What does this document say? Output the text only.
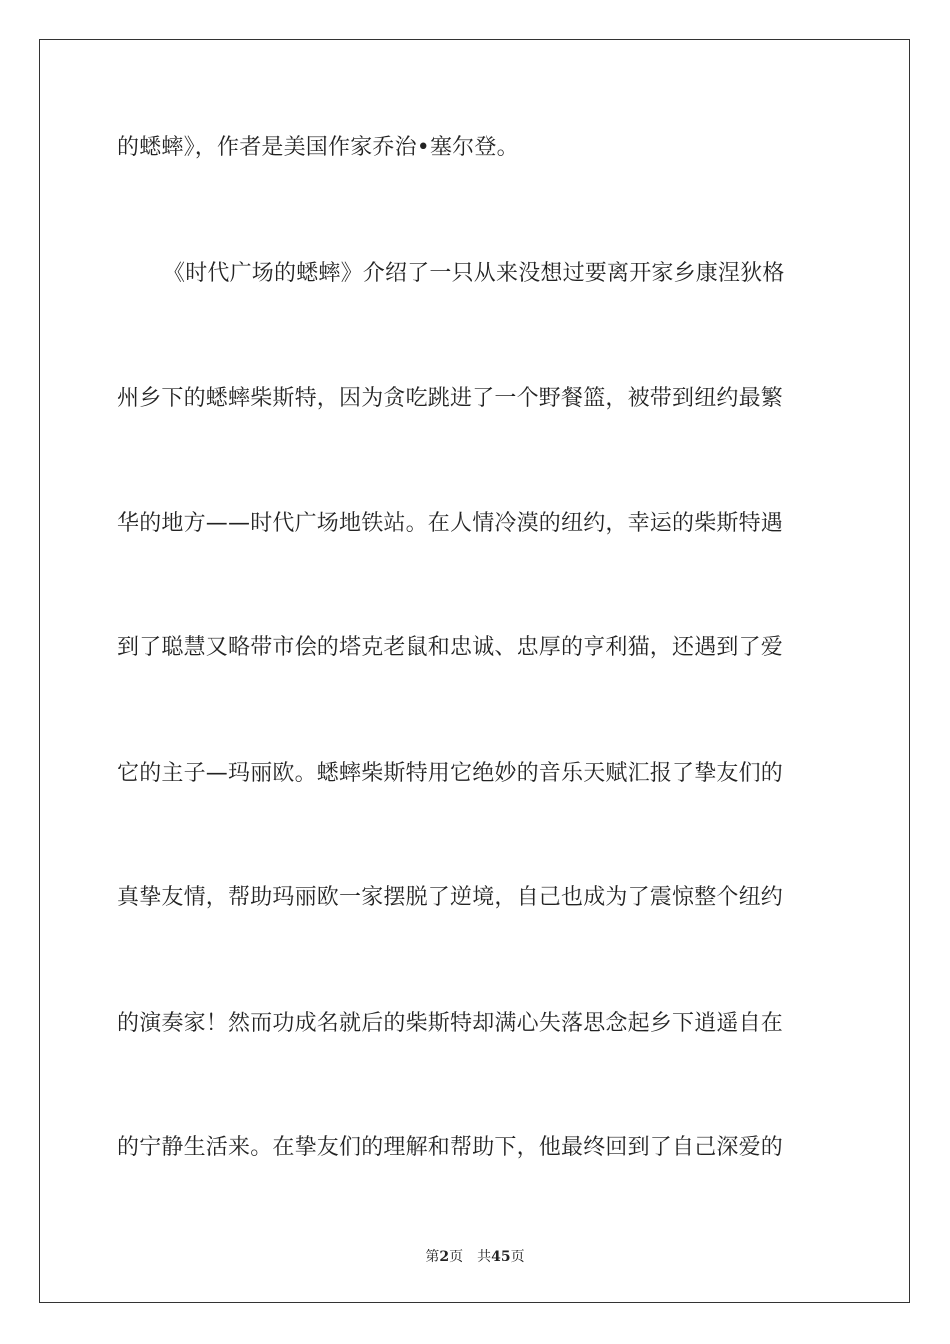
的蟋蟀》，作者是美国作家乔治•塞尔登。
《时代广场的蟋蟀》介绍了一只从来没想过要离开家乡康涅狄格
州乡下的蟋蟀柴斯特，因为贪吃跳进了一个野餐篮，被带到纽约最繁
华的地方——时代广场地铁站。在人情冷漠的纽约，幸运的柴斯特遇
到了聪慧又略带市侩的塔克老鼠和忠诚、忠厚的亨利猫，还遇到了爱
它的主子—玛丽欧。蟋蟀柴斯特用它绝妙的音乐天赋汇报了挚友们的
真挚友情，帮助玛丽欧一家摆脱了逆境，自己也成为了震惊整个纽约
的演奏家！然而功成名就后的柴斯特却满心失落思念起乡下逍遥自在
的宁静生活来。在挚友们的理解和帮助下，他最终回到了自己深爱的
第2页 共45页
